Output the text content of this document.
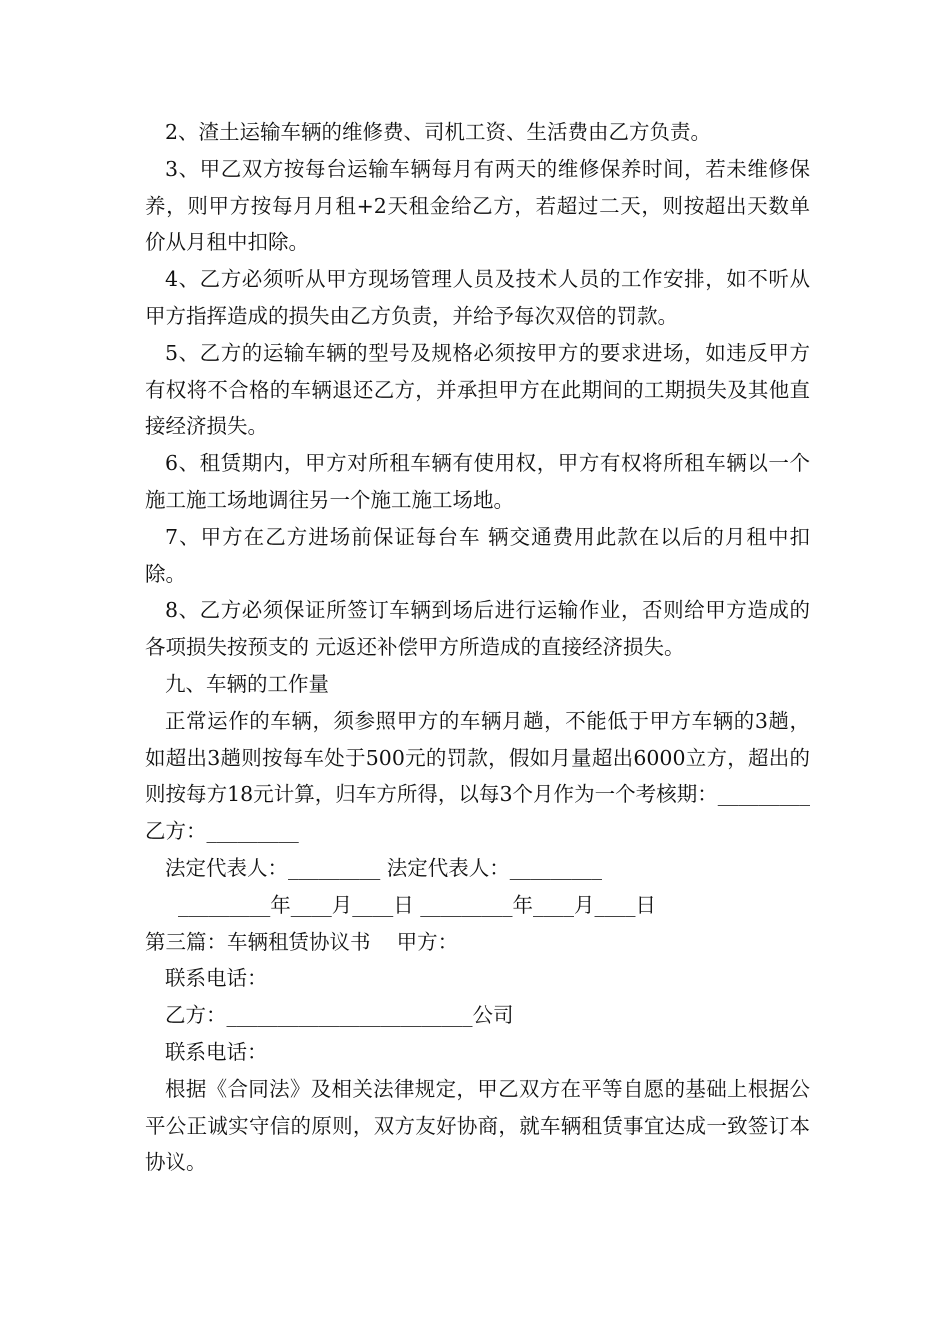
2、渣土运输车辆的维修费、司机工资、生活费由乙方负责。

3、甲乙双方按每台运输车辆每月有两天的维修保养时间，若未维修保养，则甲方按每月月租+2天租金给乙方，若超过二天，则按超出天数单价从月租中扣除。

4、乙方必须听从甲方现场管理人员及技术人员的工作安排，如不听从甲方指挥造成的损失由乙方负责，并给予每次双倍的罚款。

5、乙方的运输车辆的型号及规格必须按甲方的要求进场，如违反甲方有权将不合格的车辆退还乙方，并承担甲方在此期间的工期损失及其他直接经济损失。

6、租赁期内，甲方对所租车辆有使用权，甲方有权将所租车辆以一个施工施工场地调往另一个施工施工场地。

7、甲方在乙方进场前保证每台车 辆交通费用此款在以后的月租中扣除。

8、乙方必须保证所签订车辆到场后进行运输作业，否则给甲方造成的各项损失按预支的 元返还补偿甲方所造成的直接经济损失。

九、车辆的工作量

正常运作的车辆，须参照甲方的车辆月趟，不能低于甲方车辆的3趟，如超出3趟则按每车处于500元的罚款，假如月量超出6000立方，超出的则按每方18元计算，归车方所得，以每3个月作为一个考核期：_________ 乙方：_________

法定代表人：_________ 法定代表人：_________

_________年____月____日 _________年____月____日

第三篇：车辆租赁协议书    甲方：

联系电话：

乙方：________________________公司

联系电话：

根据《合同法》及相关法律规定，甲乙双方在平等自愿的基础上根据公平公正诚实守信的原则，双方友好协商，就车辆租赁事宜达成一致签订本协议。
